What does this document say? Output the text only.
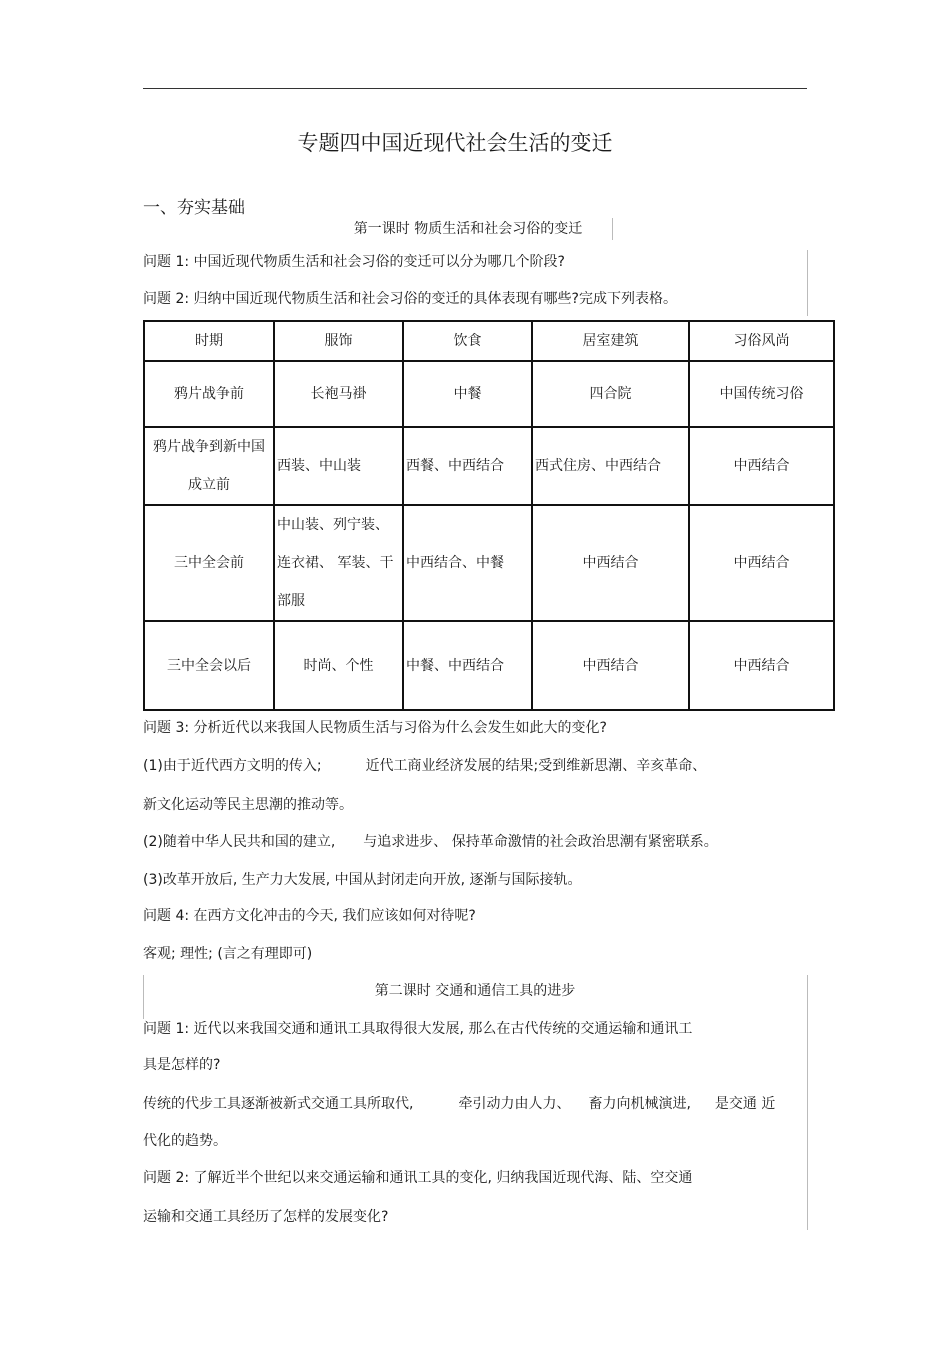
专题四中国近现代社会生活的变迁
一、夯实基础
第一课时 物质生活和社会习俗的变迁
问题 1: 中国近现代物质生活和社会习俗的变迁可以分为哪几个阶段?
问题 2: 归纳中国近现代物质生活和社会习俗的变迁的具体表现有哪些?完成下列表格。
时期	服饰	饮食	居室建筑	习俗风尚
鸦片战争前	长袍马褂	中餐	四合院	中国传统习俗
鸦片战争到新中国成立前	西装、中山装	西餐、中西结合	西式住房、中西结合	中西结合
三中全会前	中山装、列宁装、连衣裙、 军装、干部服	中西结合、中餐	中西结合	中西结合
三中全会以后	时尚、个性	中餐、中西结合	中西结合	中西结合
问题 3: 分析近代以来我国人民物质生活与习俗为什么会发生如此大的变化?
(1)由于近代西方文明的传入;	近代工商业经济发展的结果;受到维新思潮、辛亥革命、
新文化运动等民主思潮的推动等。
(2)随着中华人民共和国的建立, 与追求进步、 保持革命激情的社会政治思潮有紧密联系。
(3)改革开放后, 生产力大发展, 中国从封闭走向开放, 逐渐与国际接轨。
问题 4: 在西方文化冲击的今天, 我们应该如何对待呢?
客观; 理性; (言之有理即可)
第二课时 交通和通信工具的进步
问题 1: 近代以来我国交通和通讯工具取得很大发展, 那么在古代传统的交通运输和通讯工
具是怎样的?
传统的代步工具逐渐被新式交通工具所取代,	牵引动力由人力、 畜力向机械演进, 是交通 近
代化的趋势。
问题 2: 了解近半个世纪以来交通运输和通讯工具的变化, 归纳我国近现代海、陆、空交通
运输和交通工具经历了怎样的发展变化?
